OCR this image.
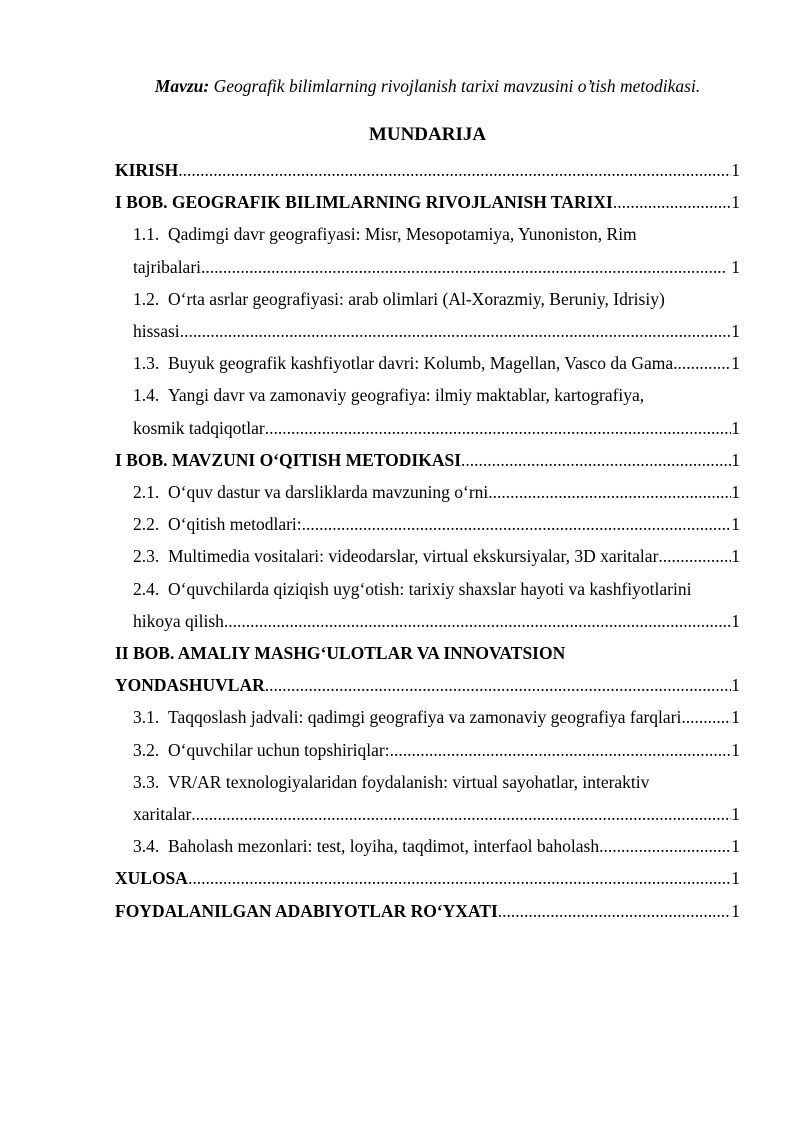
Mavzu: Geografik bilimlarning rivojlanish tarixi mavzusini o’tish metodikasi.

MUNDARIJA

KIRISH .....	1
I BOB. GEOGRAFIK BILIMLARNING RIVOJLANISH TARIXI .....	1
1.1. Qadimgi davr geografiyasi: Misr, Mesopotamiya, Yunoniston, Rim
tajribalari .....	1
1.2. O‘rta asrlar geografiyasi: arab olimlari (Al-Xorazmiy, Beruniy, Idrisiy)
hissasi .....	1
1.3. Buyuk geografik kashfiyotlar davri: Kolumb, Magellan, Vasco da Gama. .....	1
1.4. Yangi davr va zamonaviy geografiya: ilmiy maktablar, kartografiya,
kosmik tadqiqotlar .....	1
I BOB. MAVZUNI O‘QITISH METODIKASI .....	1
2.1. O‘quv dastur va darsliklarda mavzuning o‘rni .....	1
2.2. O‘qitish metodlari: .....	1
2.3. Multimedia vositalari: videodarslar, virtual ekskursiyalar, 3D xaritalar .....	1
2.4. O‘quvchilarda qiziqish uyg‘otish: tarixiy shaxslar hayoti va kashfiyotlarini
hikoya qilish .....	1
II BOB. AMALIY MASHG‘ULOTLAR VA INNOVATSION
YONDASHUVLAR .....	1
3.1. Taqqoslash jadvali: qadimgi geografiya va zamonaviy geografiya farqlari. .....	1
3.2. O‘quvchilar uchun topshiriqlar: .....	1
3.3. VR/AR texnologiyalaridan foydalanish: virtual sayohatlar, interaktiv
xaritalar .....	1
3.4. Baholash mezonlari: test, loyiha, taqdimot, interfaol baholash .....	1
XULOSA .....	1
FOYDALANILGAN ADABIYOTLAR RO‘YXATI .....	1
